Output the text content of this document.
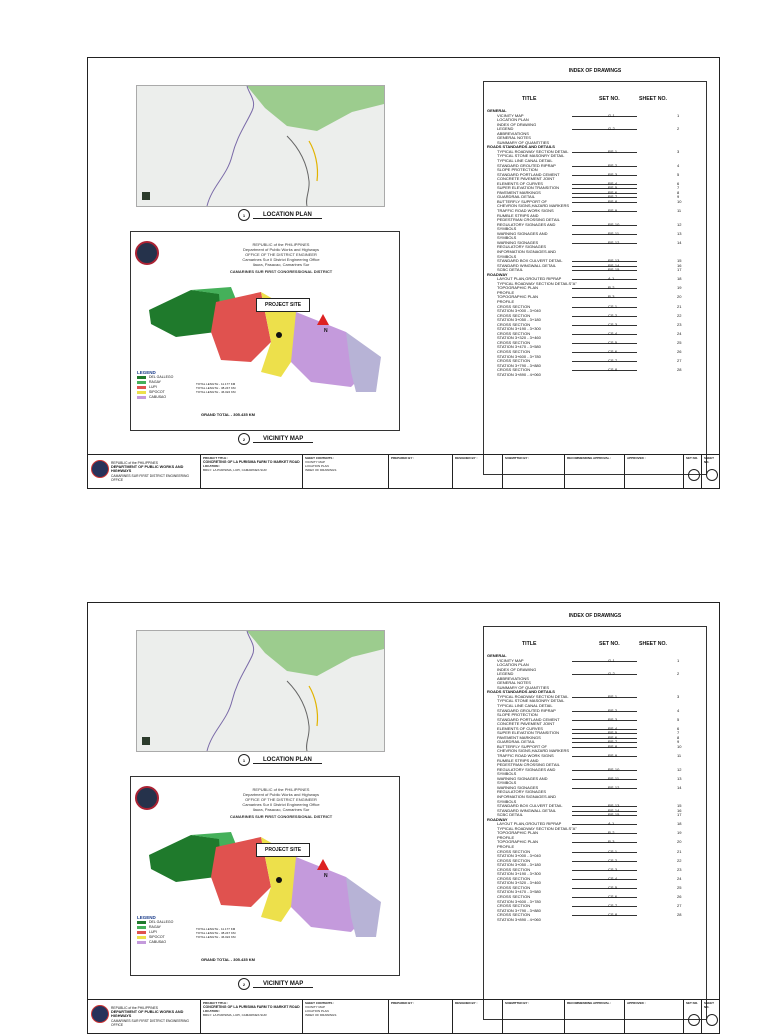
1	LOCATION PLAN
REPUBLIC of the PHILIPPINES
Department of Public Works and Highways
OFFICE OF THE DISTRICT ENGINEER
Camarines Sur II District Engineering Office
Ilaura, Pasacao, Camarines Sur
CAMARINES SUR FIRST CONGRESSIONAL DISTRICT
PROJECT SITE
N
LEGEND
DEL GALLEGO
RAGAY
LUPI
SIPOCOT
CABUSAO
TOTAL LENGTH - 11.177 KM
TOTAL LENGTH - 38.247 KM
TOTAL LENGTH - 46.022 KM
GRAND TOTAL - 305.435 KM
2	VICINITY MAP
INDEX OF DRAWINGS
TITLE	SET NO.	SHEET NO.
GENERAL
VICINITY MAP	G-1	1
LOCATION PLAN
INDEX OF DRAWING
LEGEND	G-2	2
ABBREVIATIONS
GENERAL NOTES
SUMMARY OF QUANTITIES
ROADS STANDARDS AND DETAILS
TYPICAL ROADWAY SECTION DETAIL	RS-1	3
TYPICAL STONE MASONRY DETAIL
TYPICAL LINE CANAL DETAIL
STANDARD GROUTED RIPRAP	RS-2	4
SLOPE PROTECTION
STANDARD PORTLAND CEMENT	RS-3	5
CONCRETE PAVEMENT JOINT
ELEMENTS OF CURVES	RS-4	6
SUPER ELEVATION TRANSITION	RS-5	7
PAVEMENT MARKINGS	RS-6	8
GUARDRAIL DETAIL	RS-7	9
BUTTERFLY SUPPORT OF	RS-8	10
CHEVRON SIGNS,HAZARD MARKERS
TRAFFIC ROAD WORK SIGNS	RS-9	11
RUMBLE STRIPS AND
PEDESTRIAN CROSSING DETAIL
REGULATORY SIGNAGES AND	RS-10	12
SYMBOLS
WARNING SIGNAGES AND	RS-11	13
SYMBOLS
WARNING SIGNAGES	RS-12	14
REGULATORY SIGNAGES
INFORMATION SIGNAGES AND
SYMBOLS
STANDARD BOX CULVERT DETAIL	RS-13	15
STANDARD WINGWALL DETAIL	RS-14	16
SCBC DETAIL	RS-15	17
ROADWAY
LAYOUT PLAN,GROUTED RIPRAP	A-1	18
TYPICAL ROADWAY SECTION DETAILS"A"
TOPOGRAPHIC PLAN	R-2	19
PROFILE
TOPOGRAPHIC PLAN	R-3	20
PROFILE
CROSS SECTION	CS-1	21
STATION 3+000 - 3+040
CROSS SECTION	CS-2	22
STATION 3+050 - 3+180
CROSS SECTION	CS-3	23
STATION 3+190 - 3+300
CROSS SECTION	CS-4	24
STATION 3+320 - 3+460
CROSS SECTION	CS-5	25
STATION 3+470 - 3+580
CROSS SECTION	CS-6	26
STATION 3+600 - 3+780
CROSS SECTION	CS-7	27
STATION 3+790 - 3+880
CROSS SECTION	CS-8	28
STATION 3+890 - 4+060
REPUBLIC of the PHILIPPINES
DEPARTMENT OF PUBLIC WORKS AND HIGHWAYS
CAMARINES SUR FIRST DISTRICT ENGINEERING OFFICE
PROJECT TITLE :
CONCRETING OF LA PURISIMA FARM TO MARKET ROAD
LOCATION :
BRGY. LA PURISIMA, LUPI, CAMARINES SUR
SHEET CONTENTS :
VICINITY MAP
LOCATION PLAN
INDEX OF DRAWINGS
PREPARED BY :	DESIGNED BY :	SUBMITTED BY :	RECOMMENDING APPROVAL :	APPROVED :	SET NO.	SHEET NO.
1	LOCATION PLAN
REPUBLIC of the PHILIPPINES
Department of Public Works and Highways
OFFICE OF THE DISTRICT ENGINEER
Camarines Sur II District Engineering Office
Ilaura, Pasacao, Camarines Sur
CAMARINES SUR FIRST CONGRESSIONAL DISTRICT
PROJECT SITE
N
LEGEND
DEL GALLEGO
RAGAY
LUPI
SIPOCOT
CABUSAO
TOTAL LENGTH - 11.177 KM
TOTAL LENGTH - 38.247 KM
TOTAL LENGTH - 46.022 KM
GRAND TOTAL - 305.435 KM
2	VICINITY MAP
INDEX OF DRAWINGS
TITLE	SET NO.	SHEET NO.
GENERAL
VICINITY MAP	G-1	1
LOCATION PLAN
INDEX OF DRAWING
LEGEND	G-2	2
ABBREVIATIONS
GENERAL NOTES
SUMMARY OF QUANTITIES
ROADS STANDARDS AND DETAILS
TYPICAL ROADWAY SECTION DETAIL	RS-1	3
TYPICAL STONE MASONRY DETAIL
TYPICAL LINE CANAL DETAIL
STANDARD GROUTED RIPRAP	RS-2	4
SLOPE PROTECTION
STANDARD PORTLAND CEMENT	RS-3	5
CONCRETE PAVEMENT JOINT
ELEMENTS OF CURVES	RS-4	6
SUPER ELEVATION TRANSITION	RS-5	7
PAVEMENT MARKINGS	RS-6	8
GUARDRAIL DETAIL	RS-7	9
BUTTERFLY SUPPORT OF	RS-8	10
CHEVRON SIGNS,HAZARD MARKERS
TRAFFIC ROAD WORK SIGNS	RS-9	11
RUMBLE STRIPS AND
PEDESTRIAN CROSSING DETAIL
REGULATORY SIGNAGES AND	RS-10	12
SYMBOLS
WARNING SIGNAGES AND	RS-11	13
SYMBOLS
WARNING SIGNAGES	RS-12	14
REGULATORY SIGNAGES
INFORMATION SIGNAGES AND
SYMBOLS
STANDARD BOX CULVERT DETAIL	RS-13	15
STANDARD WINGWALL DETAIL	RS-14	16
SCBC DETAIL	RS-15	17
ROADWAY
LAYOUT PLAN,GROUTED RIPRAP	A-1	18
TYPICAL ROADWAY SECTION DETAILS"A"
TOPOGRAPHIC PLAN	R-2	19
PROFILE
TOPOGRAPHIC PLAN	R-3	20
PROFILE
CROSS SECTION	CS-1	21
STATION 3+000 - 3+040
CROSS SECTION	CS-2	22
STATION 3+050 - 3+180
CROSS SECTION	CS-3	23
STATION 3+190 - 3+300
CROSS SECTION	CS-4	24
STATION 3+320 - 3+460
CROSS SECTION	CS-5	25
STATION 3+470 - 3+580
CROSS SECTION	CS-6	26
STATION 3+600 - 3+780
CROSS SECTION	CS-7	27
STATION 3+790 - 3+880
CROSS SECTION	CS-8	28
STATION 3+890 - 4+060
REPUBLIC of the PHILIPPINES
DEPARTMENT OF PUBLIC WORKS AND HIGHWAYS
CAMARINES SUR FIRST DISTRICT ENGINEERING OFFICE
PROJECT TITLE :
CONCRETING OF LA PURISIMA FARM TO MARKET ROAD
LOCATION :
BRGY. LA PURISIMA, LUPI, CAMARINES SUR
SHEET CONTENTS :
VICINITY MAP
LOCATION PLAN
INDEX OF DRAWINGS
PREPARED BY :	DESIGNED BY :	SUBMITTED BY :	RECOMMENDING APPROVAL :	APPROVED :	SET NO.	SHEET NO.
